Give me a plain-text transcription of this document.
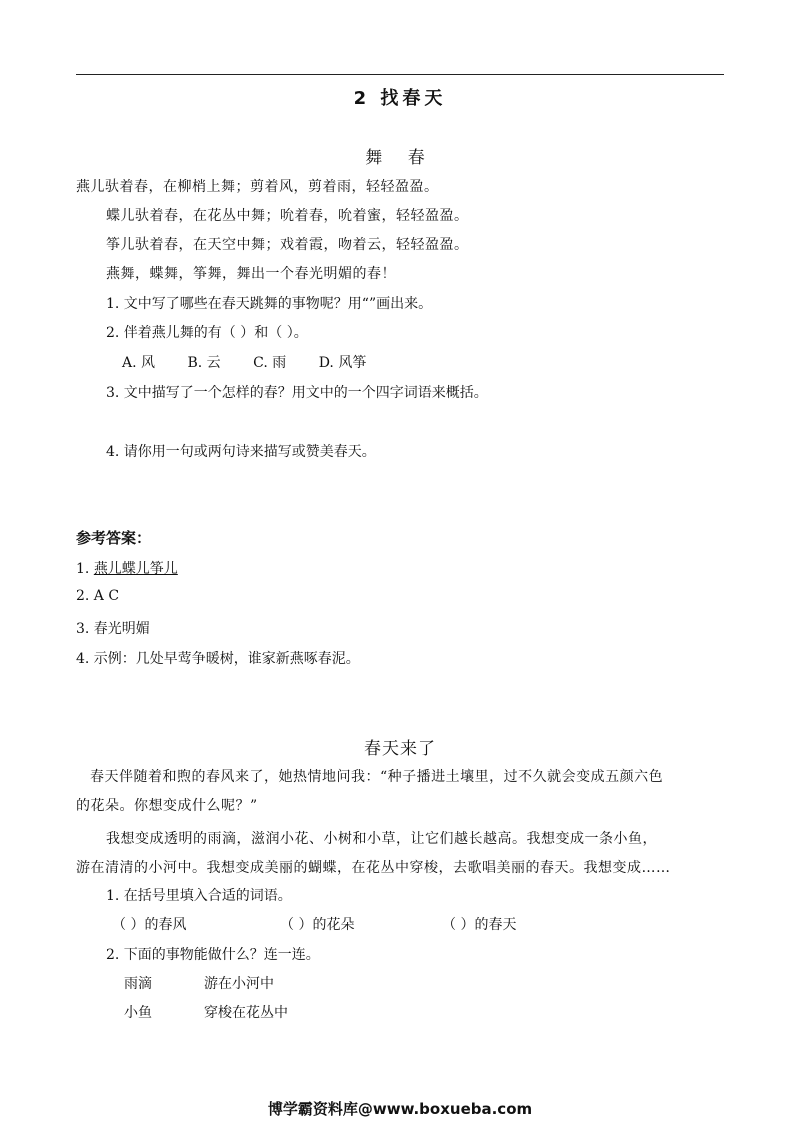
2 找春天
舞 春
燕儿驮着春，在柳梢上舞；剪着风，剪着雨，轻轻盈盈。
蝶儿驮着春，在花丛中舞；吮着春，吮着蜜，轻轻盈盈。
筝儿驮着春，在天空中舞；戏着霞，吻着云，轻轻盈盈。
燕舞，蝶舞，筝舞，舞出一个春光明媚的春！
1. 文中写了哪些在春天跳舞的事物呢？用“”画出来。
2. 伴着燕儿舞的有（ ）和（ ）。
A. 风 B. 云 C. 雨 D. 风筝
3. 文中描写了一个怎样的春？用文中的一个四字词语来概括。
4. 请你用一句或两句诗来描写或赞美春天。
参考答案：
1. 燕儿蝶儿筝儿
2. A C
3. 春光明媚
4. 示例：几处早莺争暖树，谁家新燕啄春泥。
春天来了
春天伴随着和煦的春风来了，她热情地问我：“种子播进土壤里，过不久就会变成五颜六色
的花朵。你想变成什么呢？”
我想变成透明的雨滴，滋润小花、小树和小草，让它们越长越高。我想变成一条小鱼，
游在清清的小河中。我想变成美丽的蝴蝶，在花丛中穿梭，去歌唱美丽的春天。我想变成……
1. 在括号里填入合适的词语。
（ ）的春风	（ ）的花朵	（ ）的春天
2. 下面的事物能做什么？连一连。
雨滴	游在小河中
小鱼	穿梭在花丛中
博学霸资料库@www.boxueba.com
